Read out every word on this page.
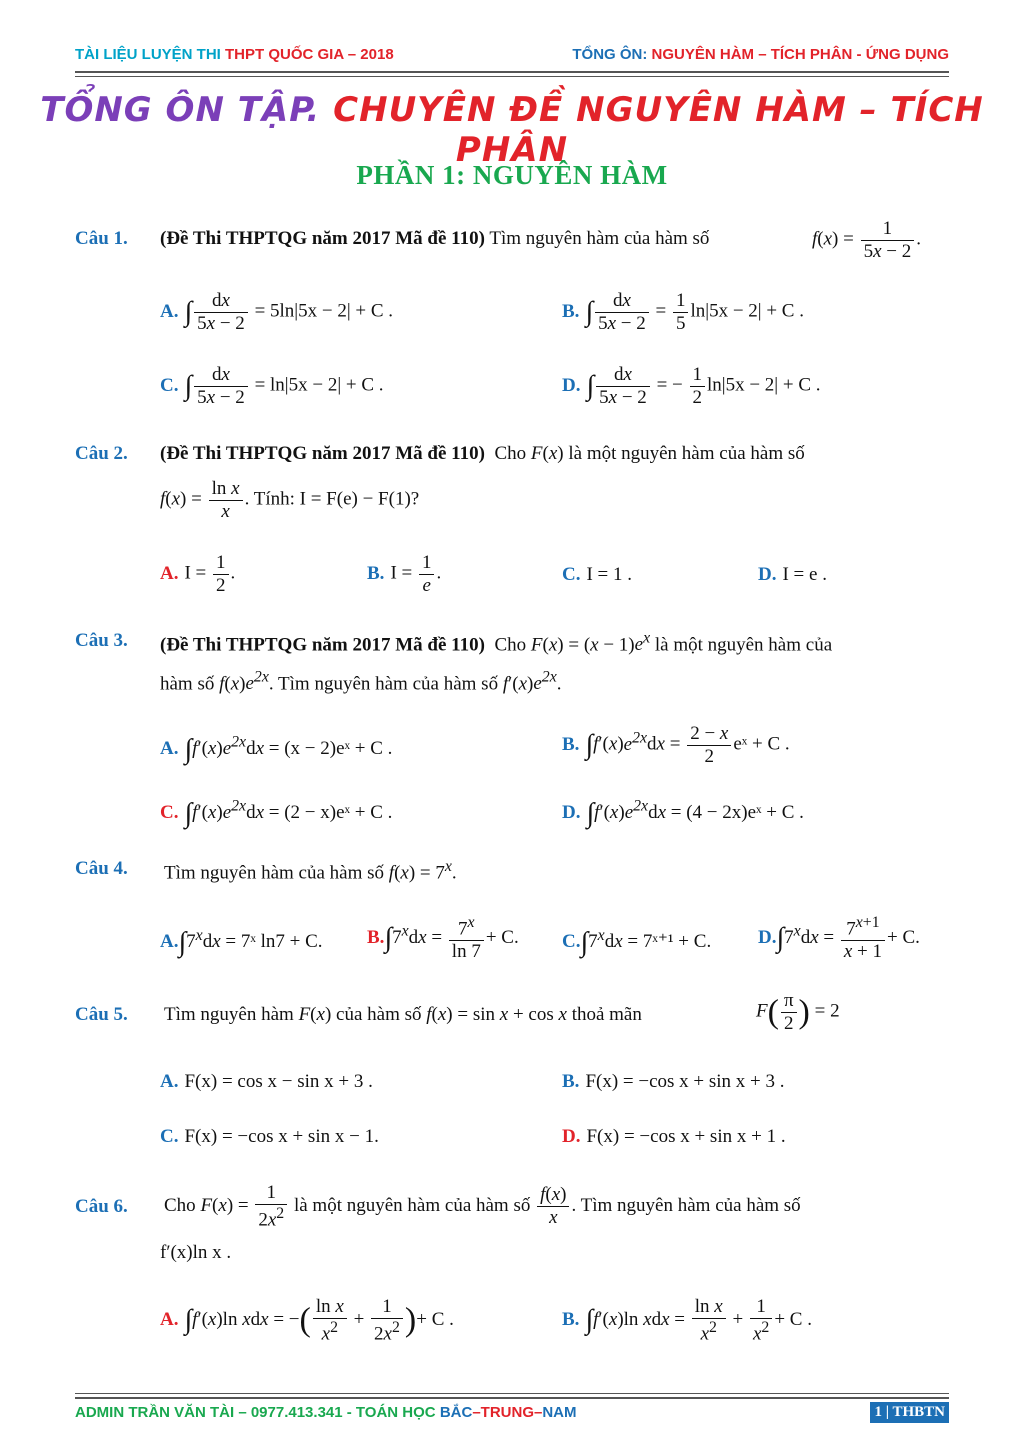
TÀI LIỆU LUYỆN THI THPT QUỐC GIA – 2018	TỔNG ÔN: NGUYÊN HÀM – TÍCH PHÂN - ỨNG DỤNG
TỔNG ÔN TẬP. CHUYÊN ĐỀ NGUYÊN HÀM – TÍCH PHÂN
PHẦN 1: NGUYÊN HÀM
Câu 1. (Đề Thi THPTQG năm 2017 Mã đề 110) Tìm nguyên hàm của hàm số	$f(x) = \frac{1}{5x - 2}$ .
A. ∫ $\frac{dx}{5x - 2} = 5\ln|5x - 2| + C$ .	B. ∫ $\frac{dx}{5x - 2} = \frac{1}{5} \ln|5x - 2| + C$ .
C. ∫ $\frac{dx}{5x - 2} = \ln|5x - 2| + C$ .	D. ∫ $\frac{dx}{5x - 2}$ = − $\frac{1}{2} \ln|5x - 2| + C$ .
Câu 2. (Đề Thi THPTQG năm 2017 Mã đề 110)  Cho F(x) là một nguyên hàm của hàm số
$f(x) = \frac{\text{ln x}}{x}$ . Tính: I = F(e) − F(1)?
A. $I = \frac{1}{2}$ .	B. $I = \frac{1}{e}$ .	C. I = 1 .	D. I = e .
Câu 3. (Đề Thi THPTQG năm 2017 Mã đề 110)  Cho $F(x) = (x - 1)e^x$ là một nguyên hàm của
hàm số $f(x)e^{2x}$. Tìm nguyên hàm của hàm số $f'(x)e^{2x}$.
A. $\int f'(x)e^{2x}dx = (x$ − 2)eˣ + C .	B. $\int f'(x)e^{2x}dx = \frac{2 - x}{2}$ eˣ + C .
C. $\int f'(x)e^{2x}dx = (2$ − x)eˣ + C .	D. $\int f'(x)e^{2x}dx = (4$ − 2x)eˣ + C .
Câu 4. Tìm nguyên hàm của hàm số $f(x) = 7^x$.
$A.\int 7^xdx$ = 7ˣ ln7 + C. $B.\int 7^xdx = \frac{7^x}{\ln 7} + C$. $C.\int 7^xdx$ = 7ˣ⁺¹ + C. $D.\int 7^xdx = \frac{7^{x+1}}{x + 1} + C$.
Câu 5. Tìm nguyên hàm F(x) của hàm số f(x) = sin x + cos x thoả mãn	$F( \frac{\pi}{2}$ ) = 2
A. F(x) = cos x − sin x + 3 .	B. F(x) = −cos x + sin x + 3 .
C. F(x) = −cos x + sin x − 1.	D. F(x) = −cos x + sin x + 1 .
Câu 6. Cho $F(x) = \frac{1}{2x^2}$ là một nguyên hàm của hàm số $\frac{f(x)}{x}$ . Tìm nguyên hàm của hàm số
f′(x)ln x .
A. ∫f′(x)ln xdx = −( $\frac{\text{ln x}}{x^2} + \frac{1}{2x^2}$ )+ C .	B. ∫f′(x)ln xdx = $\frac{\text{ln x}}{x^2} + \frac{1}{x^2} + C$ .
ADMIN TRẦN VĂN TÀI – 0977.413.341 - TOÁN HỌC BẮC–TRUNG–NAM	1 | THBTN
